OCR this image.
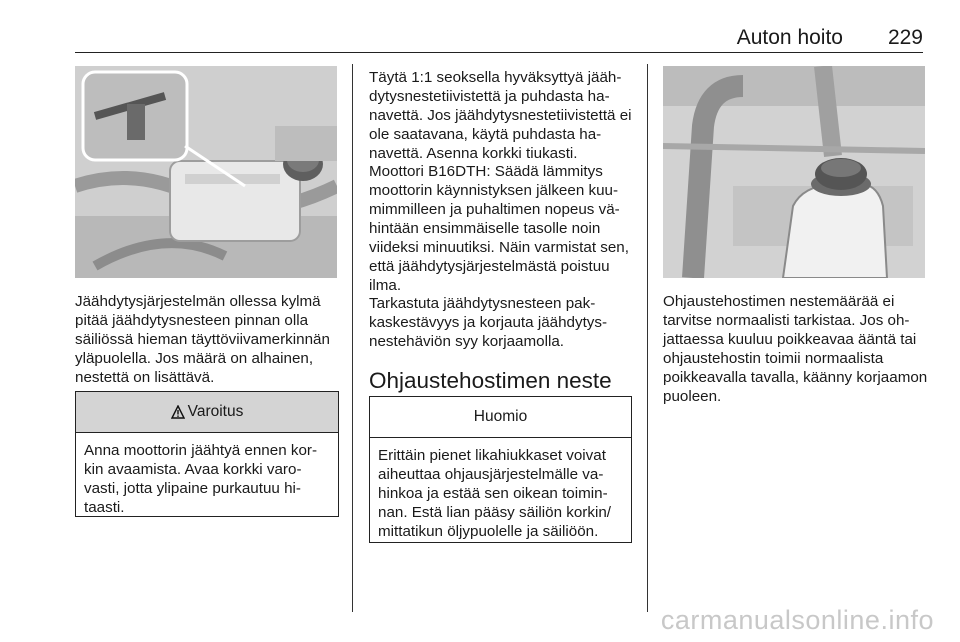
Auton hoito 229

Jäähdytysjärjestelmän ollessa kylmä pitää jäähdytysnesteen pinnan olla säiliössä hieman täyttöviivamerkinnän yläpuolella. Jos määrä on alhainen, nestettä on lisättävä.

Varoitus
Anna moottorin jäähtyä ennen korkin avaamista. Avaa korkki varovasti, jotta ylipaine purkautuu hitaasti.

Täytä 1:1 seoksella hyväksyttyä jäähdytysnestetiivistettä ja puhdasta hanavettä. Jos jäähdytysnestetiivistettä ei ole saatavana, käytä puhdasta hanavettä. Asenna korkki tiukasti.

Moottori B16DTH: Säädä lämmitys moottorin käynnistyksen jälkeen kuumimmilleen ja puhaltimen nopeus vähintään ensimmäiselle tasolle noin viideksi minuutiksi. Näin varmistat sen, että jäähdytysjärjestelmästä poistuu ilma.

Tarkastuta jäähdytysnesteen pakkaskestävyys ja korjauta jäähdytysnestehäviön syy korjaamolla.

Ohjaustehostimen neste
Huomio
Erittäin pienet likahiukkaset voivat aiheuttaa ohjausjärjestelmälle vahinkoa ja estää sen oikean toiminnan. Estä lian pääsy säiliön korkin/ mittatikun öljypuolelle ja säiliöön.

Ohjaustehostimen nestemäärää ei tarvitse normaalisti tarkistaa. Jos ohjattaessa kuuluu poikkeavaa ääntä tai ohjaustehostin toimii normaalista poikkeavalla tavalla, käänny korjaamon puoleen.

carmanualsonline.info
